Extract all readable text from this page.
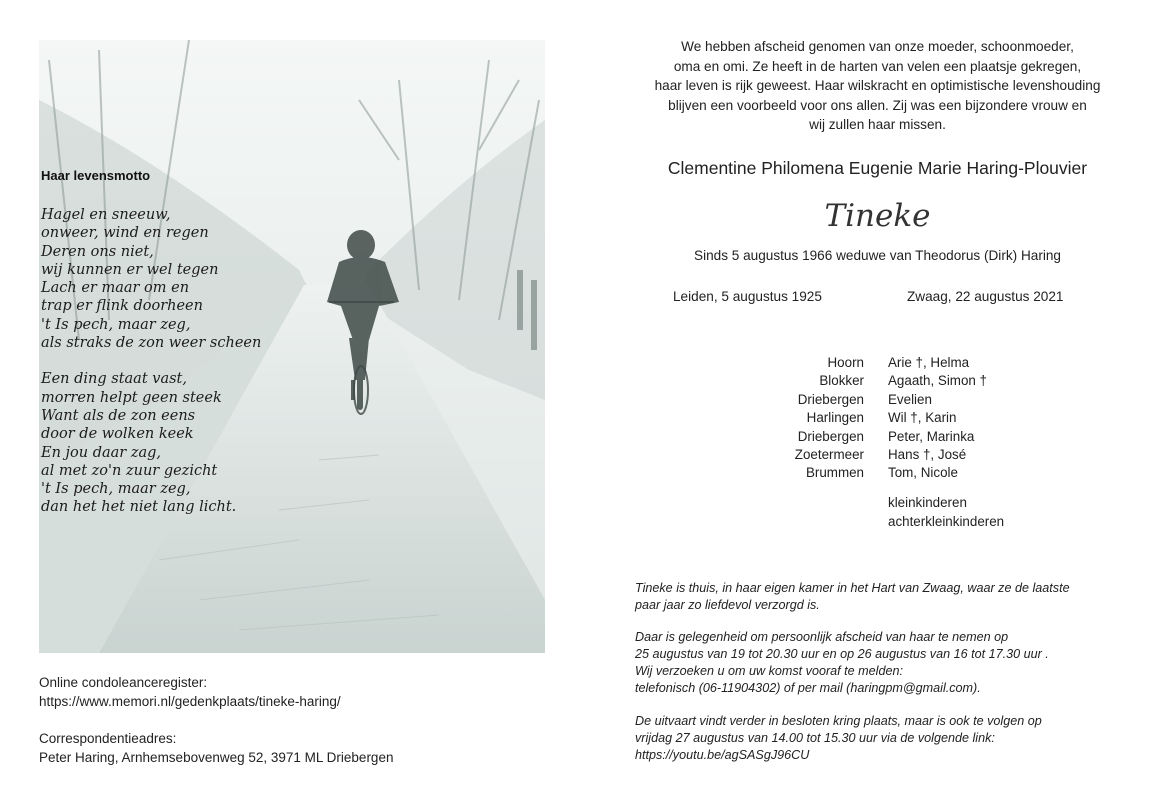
Haar levensmotto
Hagel en sneeuw,
onweer, wind en regen
Deren ons niet,
wij kunnen er wel tegen
Lach er maar om en
trap er flink doorheen
't Is pech, maar zeg,
als straks de zon weer scheen
Een ding staat vast,
morren helpt geen steek
Want als de zon eens
door de wolken keek
En jou daar zag,
al met zo'n zuur gezicht
't Is pech, maar zeg,
dan het het niet lang licht.
Online condoleanceregister:
https://www.memori.nl/gedenkplaats/tineke-haring/
Correspondentieadres:
Peter Haring, Arnhemsebovenweg 52, 3971 ML Driebergen
We hebben afscheid genomen van onze moeder, schoonmoeder,
oma en omi. Ze heeft in de harten van velen een plaatsje gekregen,
haar leven is rijk geweest. Haar wilskracht en optimistische levenshouding
blijven een voorbeeld voor ons allen. Zij was een bijzondere vrouw en
wij zullen haar missen.
Clementine Philomena Eugenie Marie Haring-Plouvier
Tineke
Sinds 5 augustus 1966 weduwe van Theodorus (Dirk) Haring
Leiden, 5 augustus 1925	Zwaag, 22 augustus 2021
Hoorn Arie †, Helma
Blokker Agaath, Simon †
Driebergen Evelien
Harlingen Wil †, Karin
Driebergen Peter, Marinka
Zoetermeer Hans †, José
Brummen Tom, Nicole
kleinkinderen
achterkleinkinderen
Tineke is thuis, in haar eigen kamer in het Hart van Zwaag, waar ze de laatste
paar jaar zo liefdevol verzorgd is.
Daar is gelegenheid om persoonlijk afscheid van haar te nemen op
25 augustus van 19 tot 20.30 uur en op 26 augustus van 16 tot 17.30 uur .
Wij verzoeken u om uw komst vooraf te melden:
telefonisch (06-11904302) of per mail (haringpm@gmail.com).
De uitvaart vindt verder in besloten kring plaats, maar is ook te volgen op
vrijdag 27 augustus van 14.00 tot 15.30 uur via de volgende link:
https://youtu.be/agSASgJ96CU
